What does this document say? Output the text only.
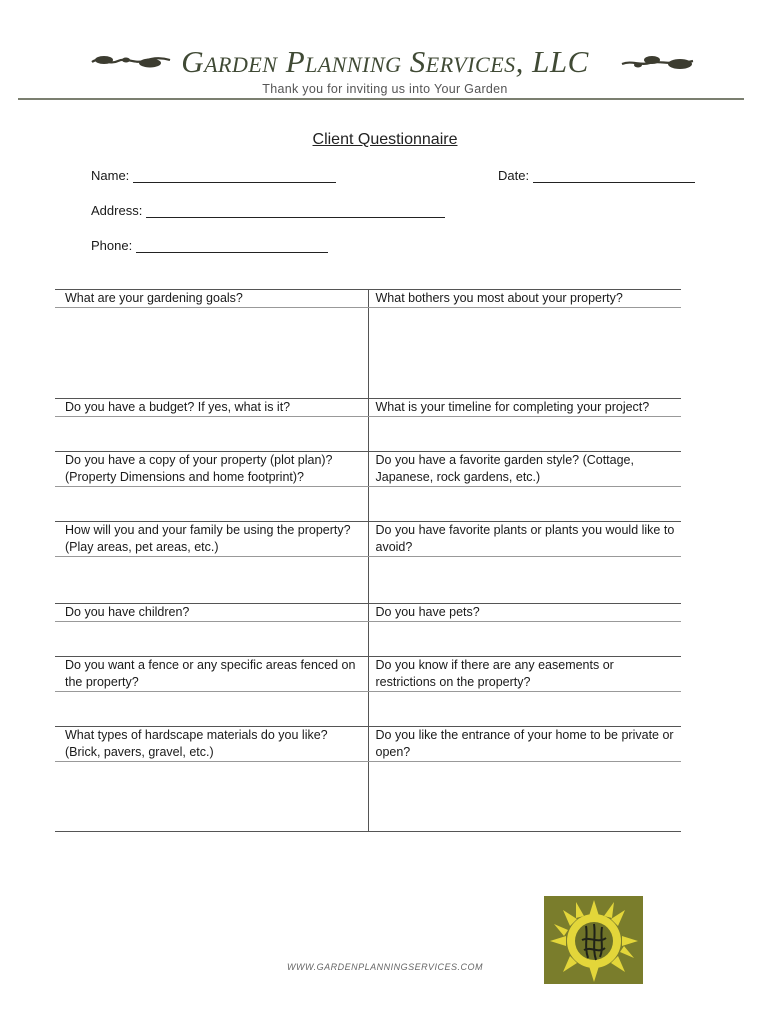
Garden Planning Services, LLC
Thank you for inviting us into Your Garden
Client Questionnaire
Name:	Date:
Address:
Phone:
What are your gardening goals?	What bothers you most about your property?

Do you have a budget? If yes, what is it?	What is your timeline for completing your project?

Do you have a copy of your property (plot plan)? (Property Dimensions and home footprint)?	Do you have a favorite garden style? (Cottage, Japanese, rock gardens, etc.)

How will you and your family be using the property? (Play areas, pet areas, etc.)	Do you have favorite plants or plants you would like to avoid?

Do you have children?	Do you have pets?

Do you want a fence or any specific areas fenced on the property?	Do you know if there are any easements or restrictions on the property?

What types of hardscape materials do you like? (Brick, pavers, gravel, etc.)	Do you like the entrance of your home to be private or open?

WWW.GARDENPLANNINGSERVICES.COM
